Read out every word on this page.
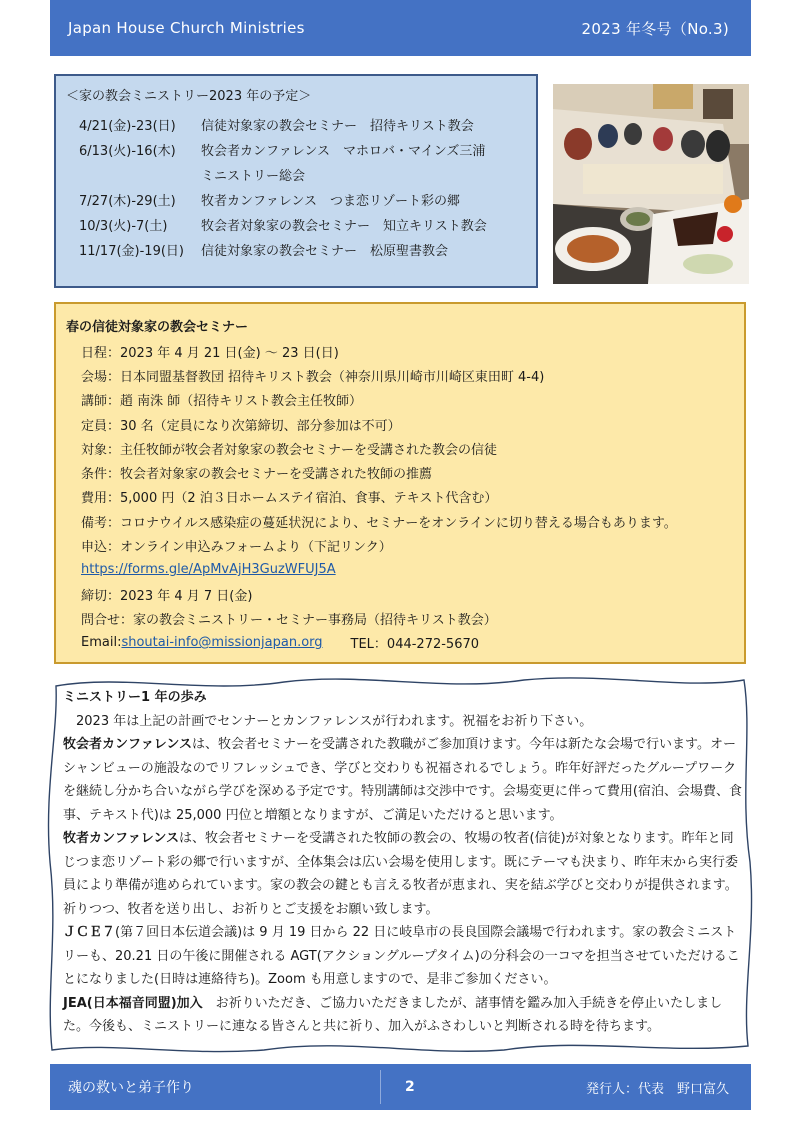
Japan House Church Ministries	2023 年冬号（No.3)
＜家の教会ミニストリー2023 年の予定＞
4/21(金)-23(日)	信徒対象家の教会セミナー　招待キリスト教会
6/13(火)-16(木)	牧会者カンファレンス　マホロバ・マインズ三浦
ミニストリー総会
7/27(木)-29(土)	牧者カンファレンス　つま恋リゾート彩の郷
10/3(火)-7(土)	牧会者対象家の教会セミナー　知立キリスト教会
11/17(金)-19(日)	信徒対象家の教会セミナー　松原聖書教会
春の信徒対象家の教会セミナー
日程：2023 年 4 月 21 日(金) 〜 23 日(日)
会場：日本同盟基督教団 招待キリスト教会（神奈川県川崎市川崎区東田町 4-4)
講師：趙 南洙 師（招待キリスト教会主任牧師）
定員：30 名（定員になり次第締切、部分参加は不可）
対象：主任牧師が牧会者対象家の教会セミナーを受講された教会の信徒
条件：牧会者対象家の教会セミナーを受講された牧師の推薦
費用：5,000 円（2 泊３日ホームステイ宿泊、食事、テキスト代含む）
備考：コロナウイルス感染症の蔓延状況により、セミナーをオンラインに切り替える場合もあります。
申込：オンライン申込みフォームより（下記リンク）
https://forms.gle/ApMvAjH3GuzWFUJ5A
締切：2023 年 4 月 7 日(金)
問合せ：家の教会ミニストリー・セミナー事務局（招待キリスト教会）
Email: shoutai-info@missionjapan.org TEL：044-272-5670

ミニストリー1 年の歩み

　2023 年は上記の計画でセンナーとカンファレンスが行われます。祝福をお祈り下さい。

牧会者カンファレンスは、牧会者セミナーを受講された教職がご参加頂けます。今年は新たな会場で行います。オーシャンビューの施設なのでリフレッシュでき、学びと交わりも祝福されるでしょう。昨年好評だったグループワークを継続し分かち合いながら学びを深める予定です。特別講師は交渉中です。会場変更に伴って費用(宿泊、会場費、食事、テキスト代)は 25,000 円位と増額となりますが、ご満足いただけると思います。

牧者カンファレンスは、牧会者セミナーを受講された牧師の教会の、牧場の牧者(信徒)が対象となります。昨年と同じつま恋リゾート彩の郷で行いますが、全体集会は広い会場を使用します。既にテーマも決まり、昨年末から実行委員により準備が進められています。家の教会の鍵とも言える牧者が恵まれ、実を結ぶ学びと交わりが提供されます。祈りつつ、牧者を送り出し、お祈りとご支援をお願い致します。

ＪＣＥ７(第７回日本伝道会議)は 9 月 19 日から 22 日に岐阜市の長良国際会議場で行われます。家の教会ミニストリーも、20.21 日の午後に開催される AGT(アクショングループタイム)の分科会の一コマを担当させていただけることになりました(日時は連絡待ち)。Zoom も用意しますので、是非ご参加ください。

JEA(日本福音同盟)加入　お祈りいただき、ご協力いただきましたが、諸事情を鑑み加入手続きを停止いたしました。今後も、ミニストリーに連なる皆さんと共に祈り、加入がふさわしいと判断される時を待ちます。

魂の救いと弟子作り	2	発行人：代表　野口富久
